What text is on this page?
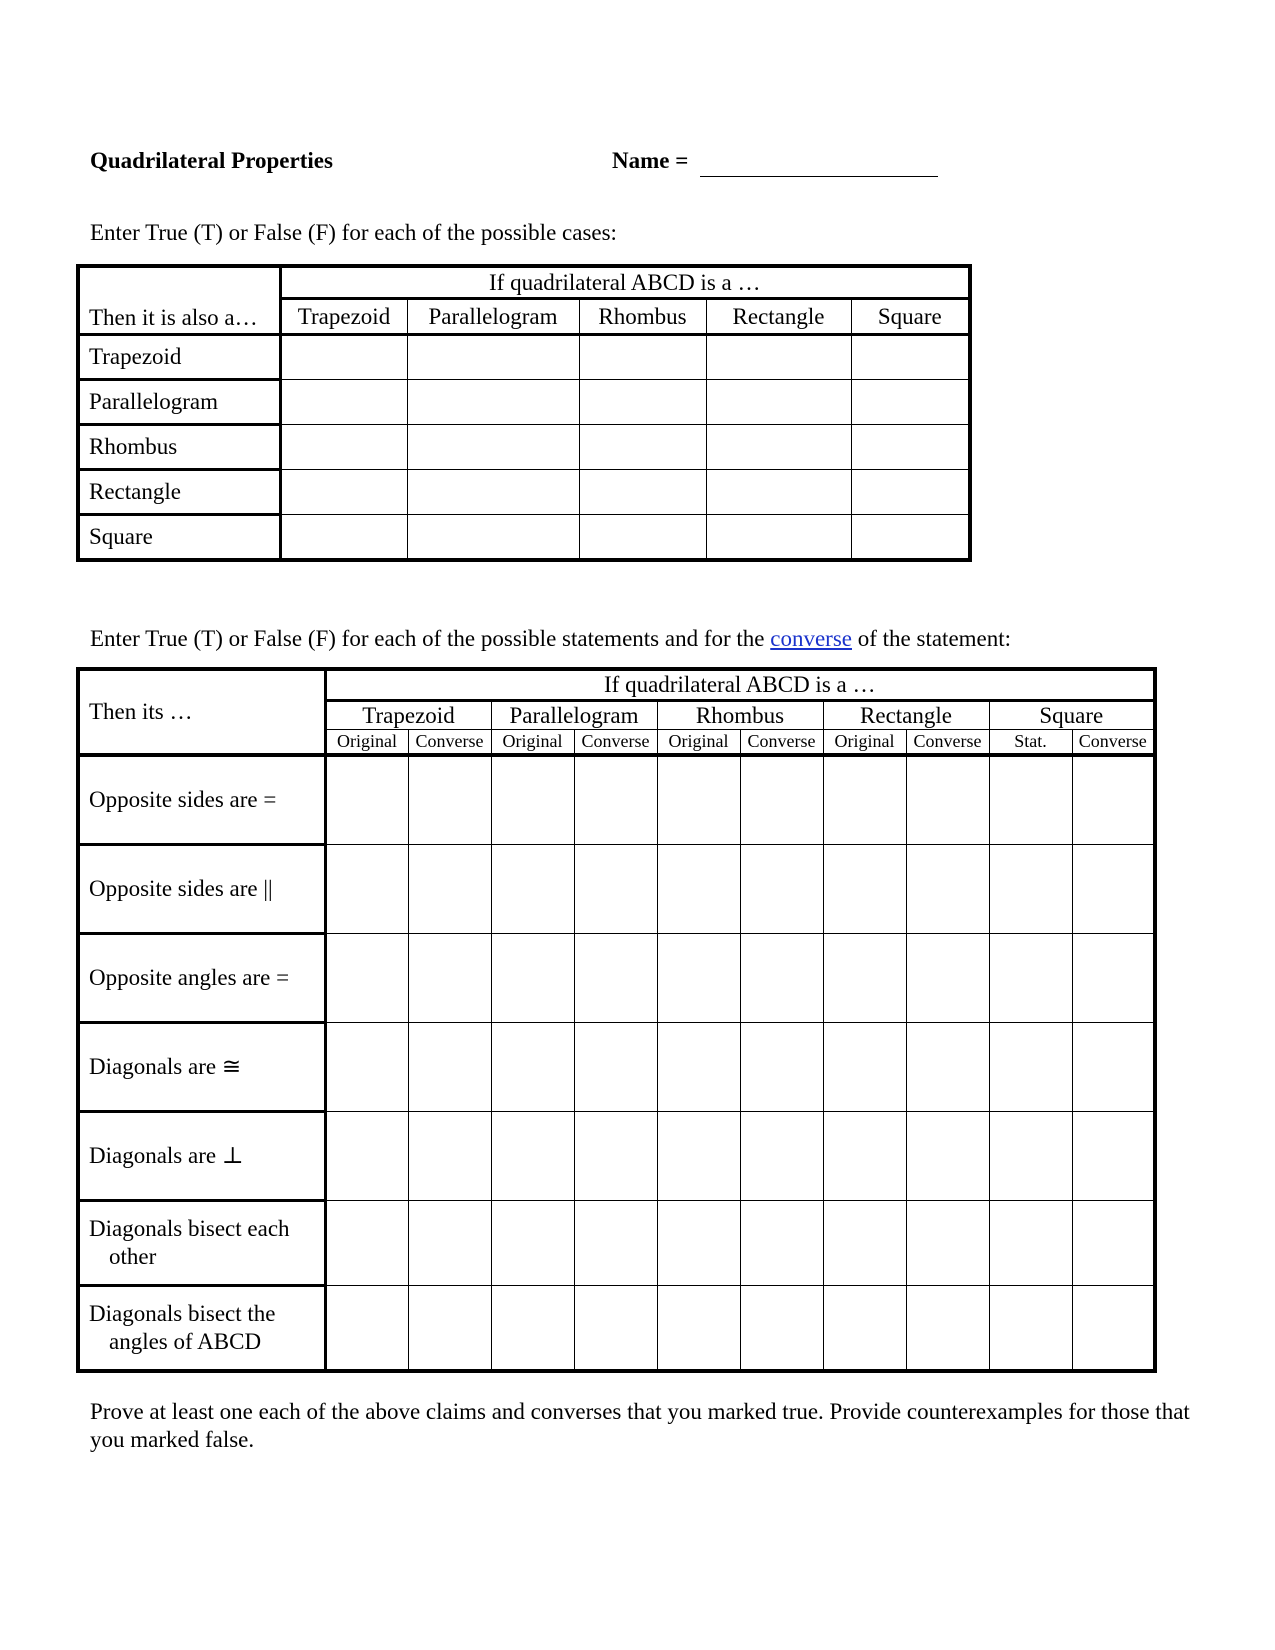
Quadrilateral Properties	Name =
Enter True (T) or False (F) for each of the possible cases:
Then it is also a…	If quadrilateral ABCD is a …				
	Trapezoid	Parallelogram	Rhombus	Rectangle	Square
Trapezoid					
Parallelogram					
Rhombus					
Rectangle					
Square					
Enter True (T) or False (F) for each of the possible statements and for the converse of the statement:
Then its …	If quadrilateral ABCD is a …									
	Trapezoid		Parallelogram		Rhombus		Rectangle		Square	
	Original	Converse	Original	Converse	Original	Converse	Original	Converse	Stat.	Converse

Opposite sides are =										

Opposite sides are ||										

Opposite angles are =										

Diagonals are ≅										

Diagonals are ⊥										

Diagonals bisect each
other										

Diagonals bisect the
angles of ABCD										

Prove at least one each of the above claims and converses that you marked true. Provide counterexamples for those that you marked false.
